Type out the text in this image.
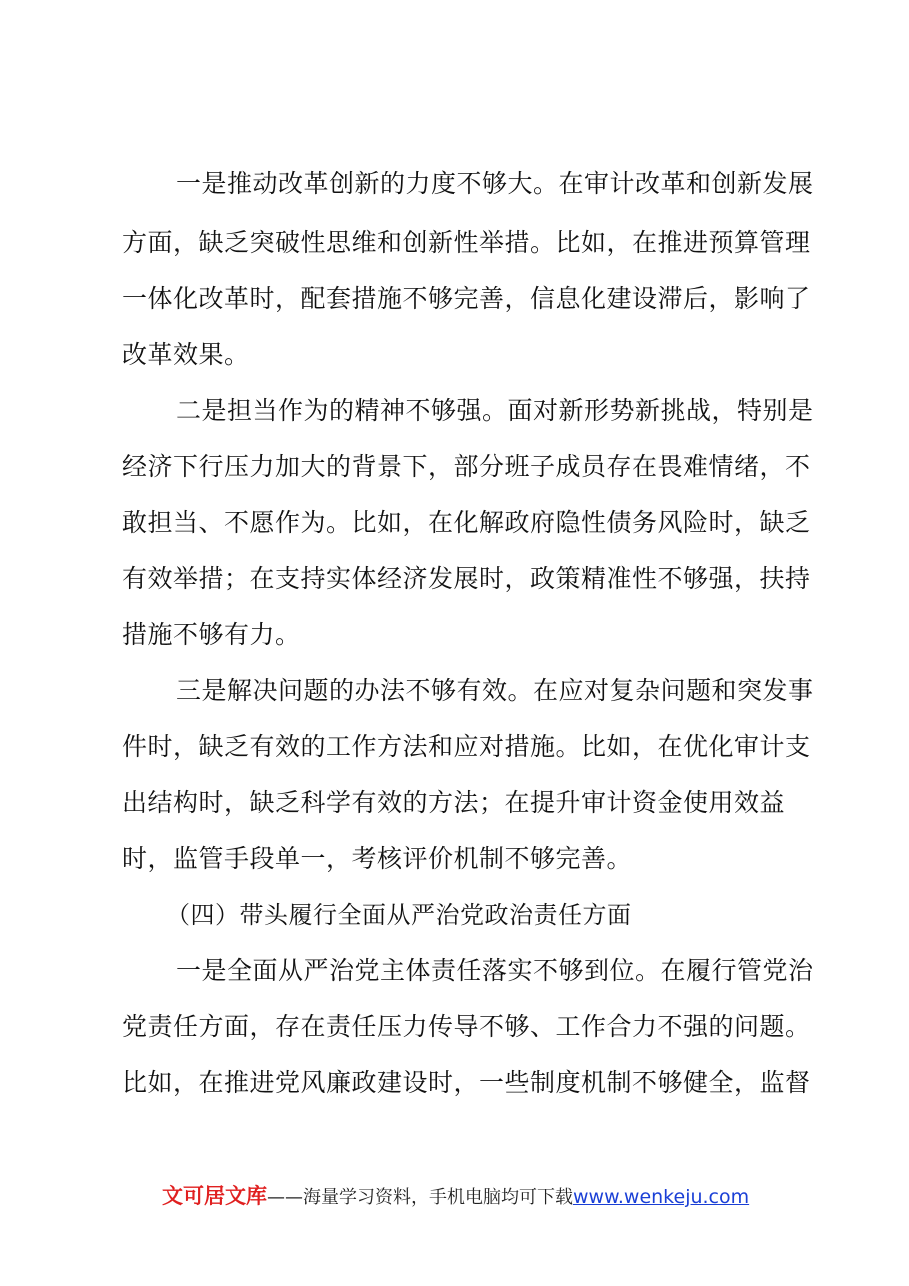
一是推动改革创新的力度不够大。在审计改革和创新发展
方面，缺乏突破性思维和创新性举措。比如，在推进预算管理
一体化改革时，配套措施不够完善，信息化建设滞后，影响了
改革效果。
二是担当作为的精神不够强。面对新形势新挑战，特别是
经济下行压力加大的背景下，部分班子成员存在畏难情绪，不
敢担当、不愿作为。比如，在化解政府隐性债务风险时，缺乏
有效举措；在支持实体经济发展时，政策精准性不够强，扶持
措施不够有力。
三是解决问题的办法不够有效。在应对复杂问题和突发事
件时，缺乏有效的工作方法和应对措施。比如，在优化审计支
出结构时，缺乏科学有效的方法；在提升审计资金使用效益
时，监管手段单一，考核评价机制不够完善。
（四）带头履行全面从严治党政治责任方面
一是全面从严治党主体责任落实不够到位。在履行管党治
党责任方面，存在责任压力传导不够、工作合力不强的问题。
比如，在推进党风廉政建设时，一些制度机制不够健全，监督
文可居文库——海量学习资料，手机电脑均可下载www.wenkeju.com
